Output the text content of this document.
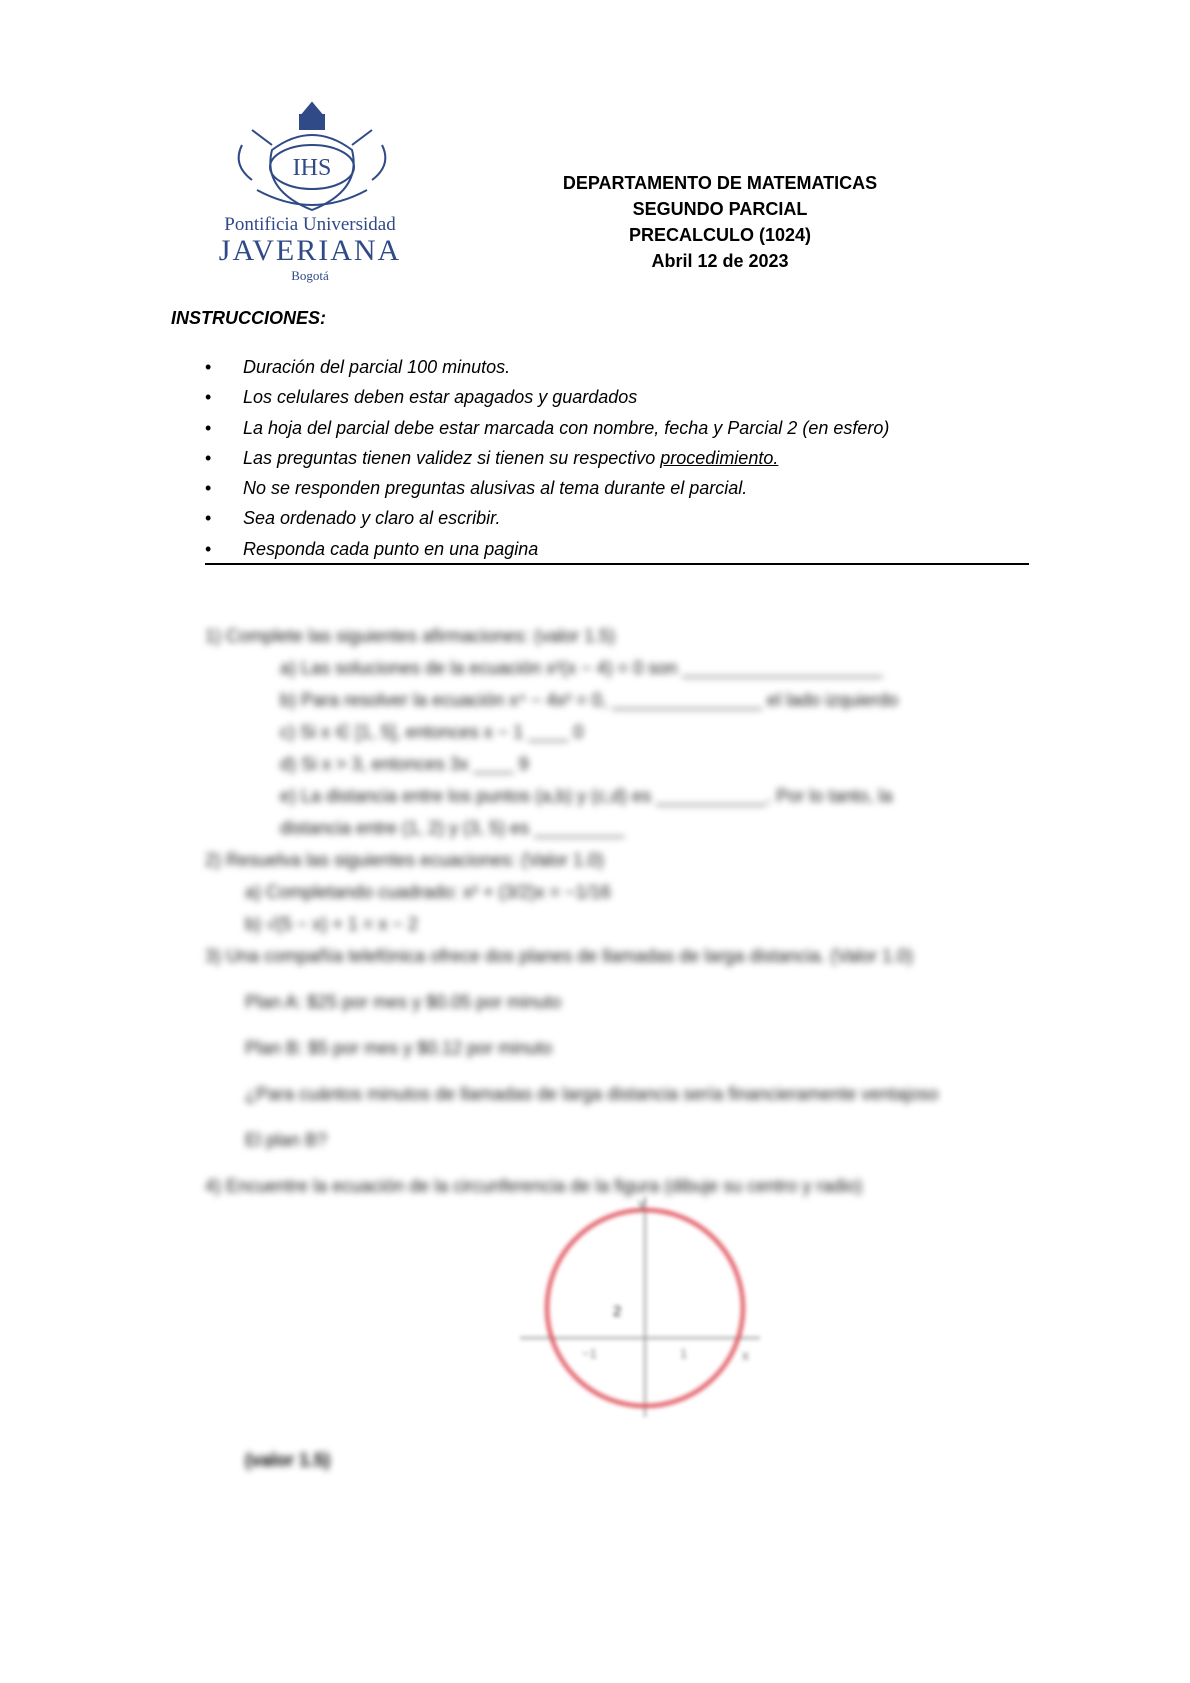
IHS
Pontificia Universidad
JAVERIANA
Bogotá
DEPARTAMENTO DE MATEMATICAS
SEGUNDO PARCIAL
PRECALCULO (1024)
Abril 12 de 2023
INSTRUCCIONES:
• Duración del parcial 100 minutos.
• Los celulares deben estar apagados y guardados
• La hoja del parcial debe estar marcada con nombre, fecha y Parcial 2 (en esfero)
• Las preguntas tienen validez si tienen su respectivo procedimiento.
• No se responden preguntas alusivas al tema durante el parcial.
• Sea ordenado y claro al escribir.
• Responda cada punto en una pagina
1) Complete las siguientes afirmaciones: (valor 1.5)
a) Las soluciones de la ecuación x²(x − 4) = 0 son ____________________
b) Para resolver la ecuación x⁴ − 4x² = 0, _______________ el lado izquierdo
c) Si x ∈ [1, 5], entonces x − 1 ____ 0
d) Si x > 3, entonces 3x ____ 9
e) La distancia entre los puntos (a,b) y (c,d) es ___________. Por lo tanto, la
distancia entre (1, 2) y (3, 5) es _________
2) Resuelva las siguientes ecuaciones: (Valor 1.0)
a) Completando cuadrado: x² + (3/2)x = −1/16
b) √(5 − x) + 1 = x − 2
3) Una compañía telefónica ofrece dos planes de llamadas de larga distancia. (Valor 1.0)
Plan A: $25 por mes y $0.05 por minuto
Plan B: $5 por mes y $0.12 por minuto
¿Para cuántos minutos de llamadas de larga distancia sería financieramente ventajoso
El plan B?
4) Encuentre la ecuación de la circunferencia de la figura (dibuje su centro y radio)
y
x
−1	1
2
(valor 1.5)
